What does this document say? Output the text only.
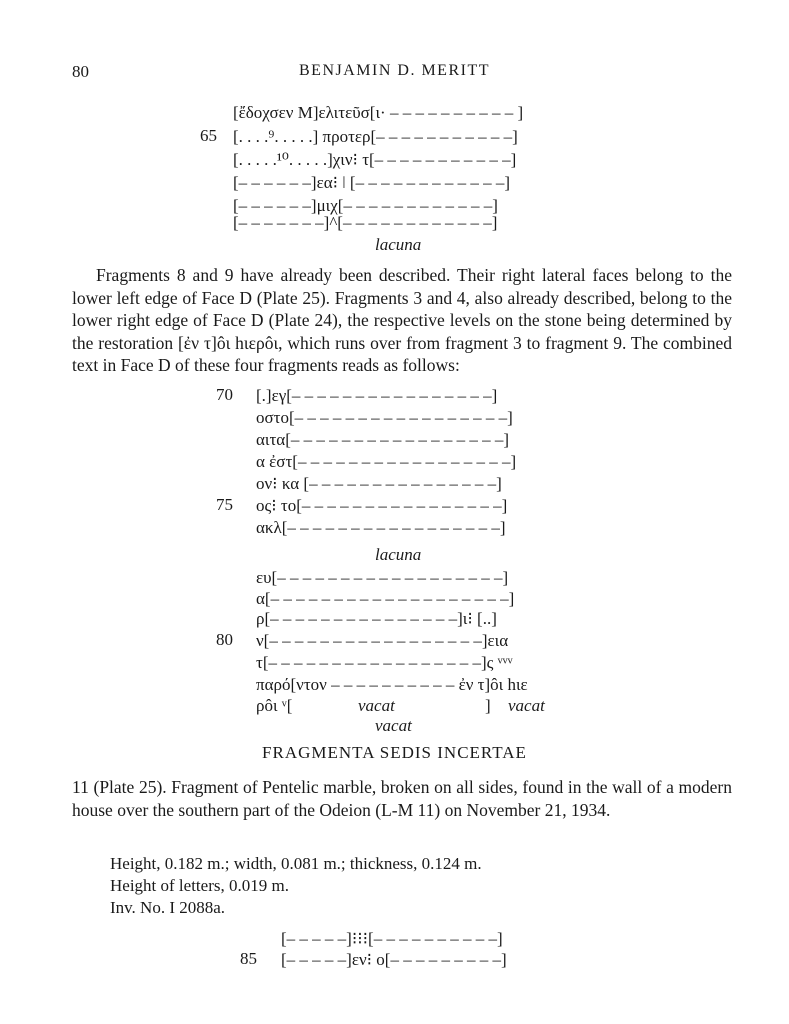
80	BENJAMIN D. MERITT
[ἔδοχσεν Μ]ελιτεῦσ[ι· – – – – – – – – – – ]
65 [. . . .⁹. . . . .] προτερ[– – – – – – – – – – –]
[. . . . .¹⁰. . . . .]χιν⁝ τ[– – – – – – – – – – –]
[– – – – – –]εα⁝ ǀ [– – – – – – – – – – – –]
[– – – – – –]μιχ[– – – – – – – – – – – –]
[– – – – – – –]^[– – – – – – – – – – – –]
lacuna

Fragments 8 and 9 have already been described. Their right lateral faces belong to the lower left edge of Face D (Plate 25). Fragments 3 and 4, also already described, belong to the lower right edge of Face D (Plate 24), the respective levels on the stone being determined by the restoration [ἐν τ]ôι hιερôι, which runs over from fragment 3 to fragment 9. The combined text in Face D of these four fragments reads as follows:

70 [.]εγ[– – – – – – – – – – – – – – – –]
οστο[– – – – – – – – – – – – – – – – –]
αιτα[– – – – – – – – – – – – – – – – –]
α ἐστ[– – – – – – – – – – – – – – – – –]
ον⁝ κα [– – – – – – – – – – – – – – –]
75 ος⁝ το[– – – – – – – – – – – – – – – –]
ακλ[– – – – – – – – – – – – – – – – –]
lacuna
ευ[– – – – – – – – – – – – – – – – – –]
α[– – – – – – – – – – – – – – – – – – –]
ρ[– – – – – – – – – – – – – – –]ι⁝ [..]
80 ν[– – – – – – – – – – – – – – – – –]εια
τ[– – – – – – – – – – – – – – – – –]ς ᵛᵛᵛ
παρό[ντον – – – – – – – – – – ἐν τ]ôι hιε
ρôι ᵛ[	vacat	] vacat
vacat
FRAGMENTA SEDIS INCERTAE

11 (Plate 25). Fragment of Pentelic marble, broken on all sides, found in the wall of a modern house over the southern part of the Odeion (L-M 11) on November 21, 1934.

Height, 0.182 m.; width, 0.081 m.; thickness, 0.124 m.
Height of letters, 0.019 m.
Inv. No. I 2088a.
[– – – – –]⁝⁝⁝[– – – – – – – – – –]
85 [– – – – –]εν⁝ ο[– – – – – – – – –]
